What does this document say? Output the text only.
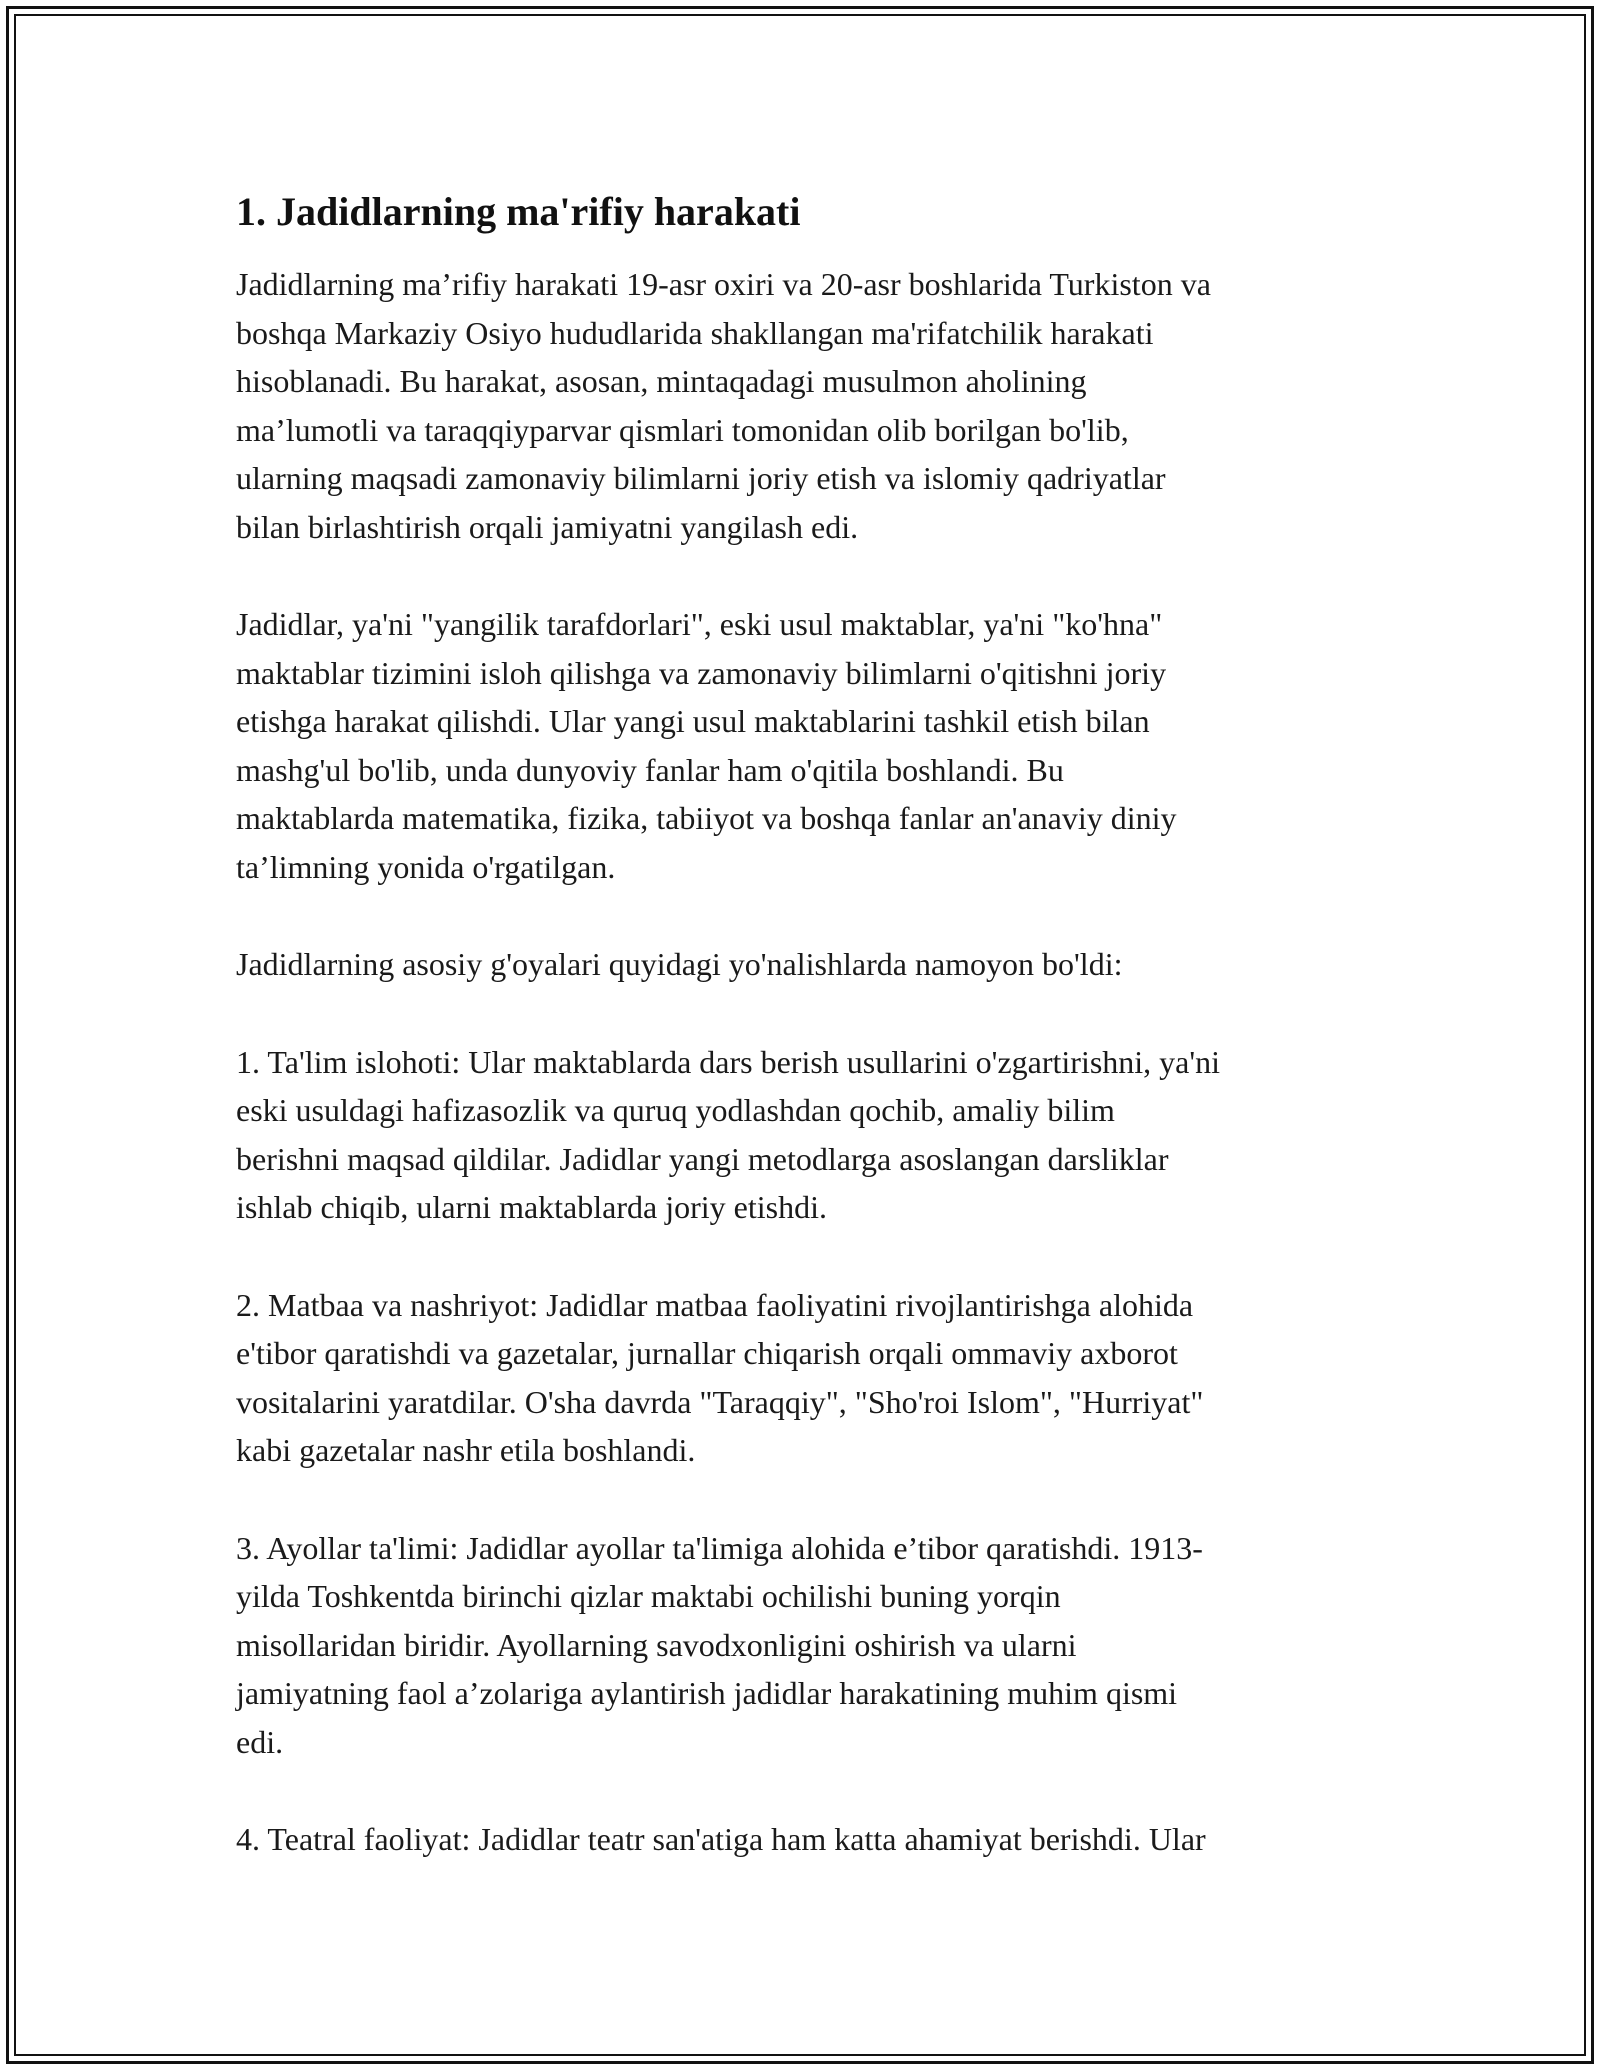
1. Jadidlarning ma'rifiy harakati

Jadidlarning ma’rifiy harakati 19-asr oxiri va 20-asr boshlarida Turkiston va
boshqa Markaziy Osiyo hududlarida shakllangan ma'rifatchilik harakati
hisoblanadi. Bu harakat, asosan, mintaqadagi musulmon aholining
ma’lumotli va taraqqiyparvar qismlari tomonidan olib borilgan bo'lib,
ularning maqsadi zamonaviy bilimlarni joriy etish va islomiy qadriyatlar
bilan birlashtirish orqali jamiyatni yangilash edi.

Jadidlar, ya'ni "yangilik tarafdorlari", eski usul maktablar, ya'ni "ko'hna"
maktablar tizimini isloh qilishga va zamonaviy bilimlarni o'qitishni joriy
etishga harakat qilishdi. Ular yangi usul maktablarini tashkil etish bilan
mashg'ul bo'lib, unda dunyoviy fanlar ham o'qitila boshlandi. Bu
maktablarda matematika, fizika, tabiiyot va boshqa fanlar an'anaviy diniy
ta’limning yonida o'rgatilgan.

Jadidlarning asosiy g'oyalari quyidagi yo'nalishlarda namoyon bo'ldi:

1. Ta'lim islohoti: Ular maktablarda dars berish usullarini o'zgartirishni, ya'ni
eski usuldagi hafizasozlik va quruq yodlashdan qochib, amaliy bilim
berishni maqsad qildilar. Jadidlar yangi metodlarga asoslangan darsliklar
ishlab chiqib, ularni maktablarda joriy etishdi.

2. Matbaa va nashriyot: Jadidlar matbaa faoliyatini rivojlantirishga alohida
e'tibor qaratishdi va gazetalar, jurnallar chiqarish orqali ommaviy axborot
vositalarini yaratdilar. O'sha davrda "Taraqqiy", "Sho'roi Islom", "Hurriyat"
kabi gazetalar nashr etila boshlandi.

3. Ayollar ta'limi: Jadidlar ayollar ta'limiga alohida e’tibor qaratishdi. 1913-
yilda Toshkentda birinchi qizlar maktabi ochilishi buning yorqin
misollaridan biridir. Ayollarning savodxonligini oshirish va ularni
jamiyatning faol a’zolariga aylantirish jadidlar harakatining muhim qismi
edi.

4. Teatral faoliyat: Jadidlar teatr san'atiga ham katta ahamiyat berishdi. Ular
